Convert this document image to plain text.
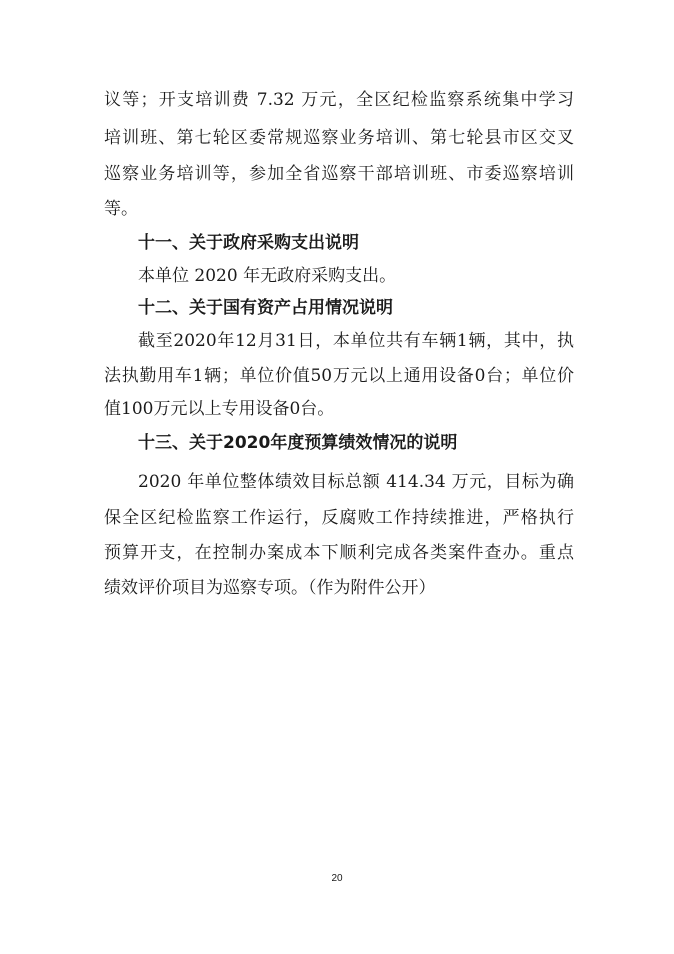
议等；开支培训费 7.32 万元，全区纪检监察系统集中学习
培训班、第七轮区委常规巡察业务培训、第七轮县市区交叉
巡察业务培训等，参加全省巡察干部培训班、市委巡察培训
等。
十一、关于政府采购支出说明
本单位 2020 年无政府采购支出。
十二、关于国有资产占用情况说明
截至2020年12月31日，本单位共有车辆1辆，其中，执
法执勤用车1辆；单位价值50万元以上通用设备0台；单位价
值100万元以上专用设备0台。
十三、关于2020年度预算绩效情况的说明
2020 年单位整体绩效目标总额 414.34 万元，目标为确
保全区纪检监察工作运行，反腐败工作持续推进，严格执行
预算开支，在控制办案成本下顺利完成各类案件查办。重点
绩效评价项目为巡察专项。（作为附件公开）
20
